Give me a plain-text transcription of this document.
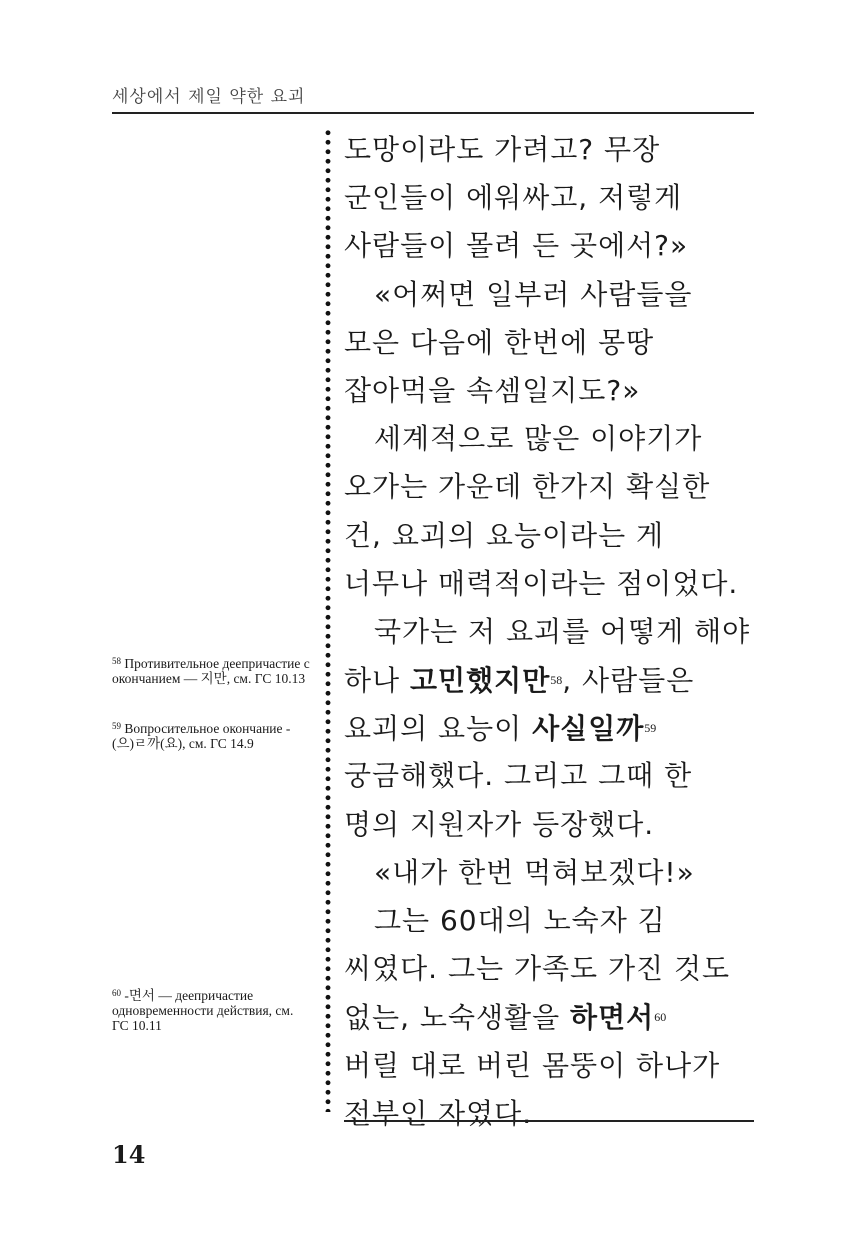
세상에서 제일 약한 요괴
도망이라도 가려고? 무장
군인들이 에워싸고, 저렇게
사람들이 몰려 든 곳에서?»
«어쩌면 일부러 사람들을
모은 다음에 한번에 몽땅
잡아먹을 속셈일지도?»
세계적으로 많은 이야기가
오가는 가운데 한가지 확실한
건, 요괴의 요능이라는 게
너무나 매력적이라는 점이었다.
국가는 저 요괴를 어떻게 해야
하나 고민했지만$^{58}$, 사람들은
요괴의 요능이 사실일까$^{59}$
궁금해했다. 그리고 그때 한
명의 지원자가 등장했다.
«내가 한번 먹혀보겠다!»
그는 60대의 노숙자 김
씨였다. 그는 가족도 가진 것도
없는, 노숙생활을 하면서$^{60}$
버릴 대로 버린 몸뚱이 하나가
전부인 자였다.
$^{58}$ Противительное деепричастие с окончанием — 지만, см. ГС 10.13
$^{59}$ Вопросительное окончание -(으)ㄹ까(요), см. ГС 14.9
$^{60}$ -면서 — деепричастие одновременности действия, см. ГС 10.11
14
